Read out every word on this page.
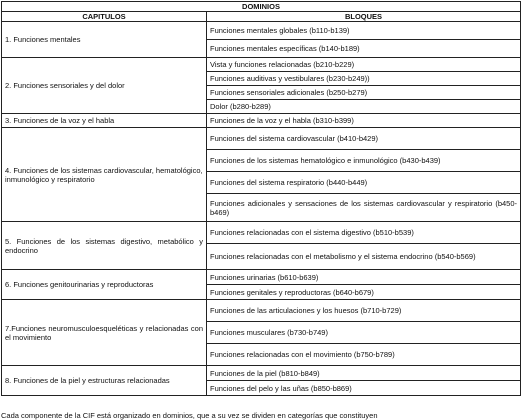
DOMINIOS	
CAPITULOS	BLOQUES
1. Funciones mentales	Funciones mentales globales (b110-b139)
	Funciones mentales específicas (b140-b189)
2. Funciones sensoriales y del dolor	Vista y funciones relacionadas (b210-b229)
	Funciones auditivas y vestibulares (b230-b249))
	Funciones sensoriales adicionales (b250-b279)
	Dolor (b280-b289)
3. Funciones de la voz y el habla	Funciones de la voz y el habla (b310-b399)
4. Funciones de los sistemas cardiovascular, hematológico, inmunológico y respiratorio	Funciones del sistema cardiovascular (b410-b429)
	Funciones de los sistemas hematológico e inmunológico (b430-b439)
	Funciones del sistema respiratorio (b440-b449)
	Funciones adicionales y sensaciones de los sistemas cardiovascular y respiratorio (b450-b469)
5. Funciones de los sistemas digestivo, metabólico y endocrino	Funciones relacionadas con el sistema digestivo (b510-b539)
	Funciones relacionadas con el metabolismo y el sistema endocrino (b540-b569)
6. Funciones genitourinarias y reproductoras	Funciones urinarias (b610-b639)
	Funciones genitales y reproductoras (b640-b679)
7.Funciones neuromusculoesqueléticas y relacionadas con el movimiento	Funciones de las articulaciones y los huesos (b710-b729)
	Funciones musculares (b730-b749)
	Funciones relacionadas con el movimiento (b750-b789)
8. Funciones de la piel y estructuras relacionadas	Funciones de la piel (b810-b849)
	Funciones del pelo y las uñas (b850-b869)
Cada componente de la CIF está organizado en dominios, que a su vez se dividen en categorías que constituyen
